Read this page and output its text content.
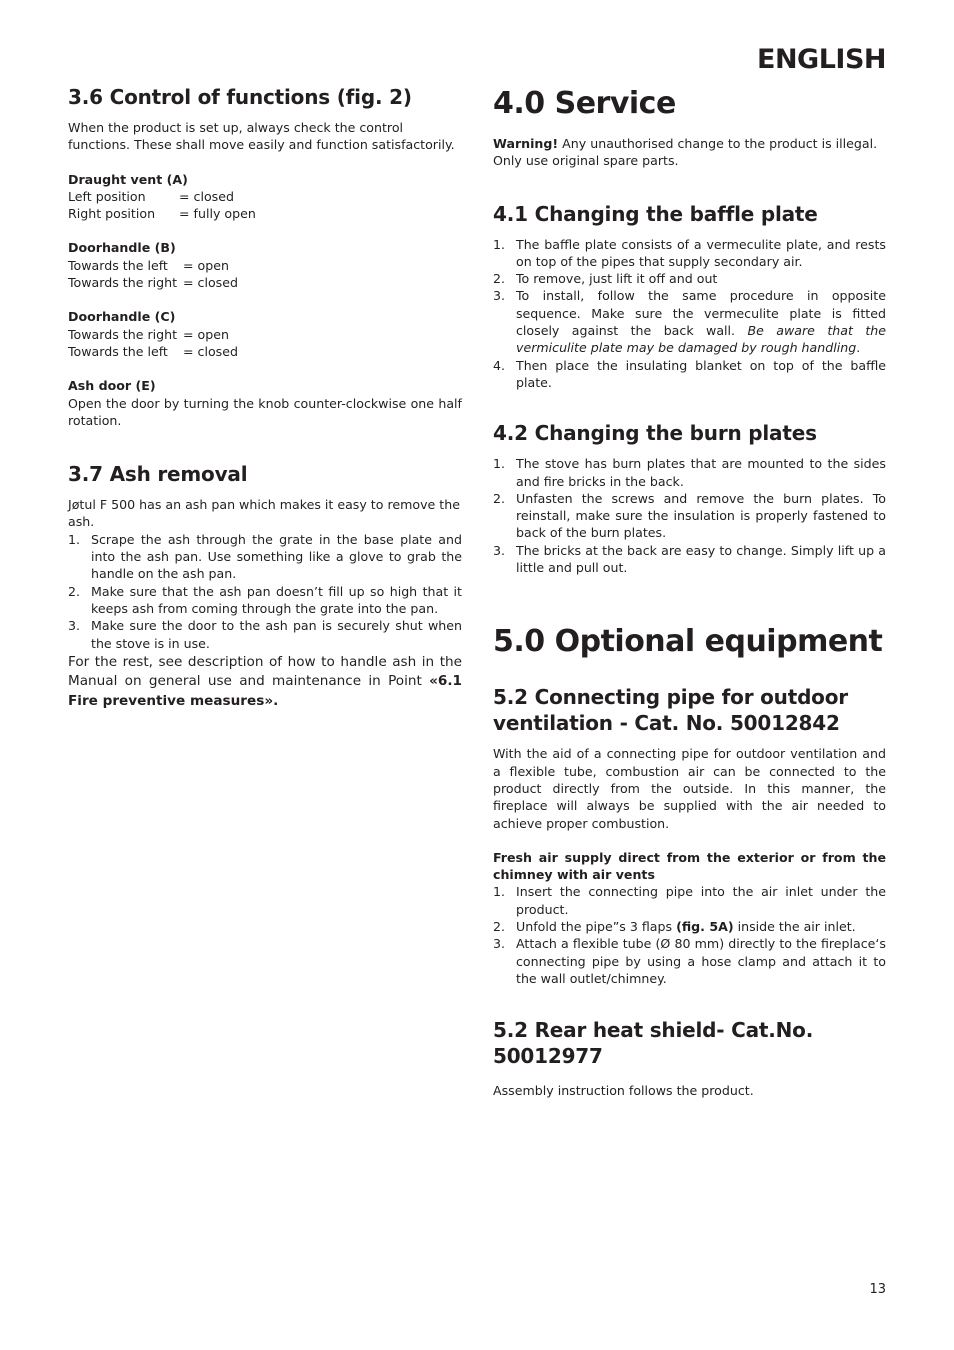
ENGLISH
3.6 Control of functions (fig. 2)

When the product is set up, always check the control functions. These shall move easily and function satisfactorily.

Draught vent (A)
Left position	= closed
Right position	= fully open
Doorhandle (B)
Towards the left	= open
Towards the right = closed
Doorhandle (C)
Towards the right = open
Towards the left	= closed
Ash door (E)
Open the door by turning the knob counter-clockwise one half rotation.
3.7 Ash removal

Jøtul F 500 has an ash pan which makes it easy to remove the ash.

1. Scrape the ash through the grate in the base plate and into the ash pan. Use something like a glove to grab the handle on the ash pan.
2. Make sure that the ash pan doesn’t fill up so high that it keeps ash from coming through the grate into the pan.
3. Make sure the door to the ash pan is securely shut when the stove is in use.

For the rest, see description of how to handle ash in the Manual on general use and maintenance in Point «6.1 Fire preventive measures».

4.0 Service

Warning! Any unauthorised change to the product is illegal. Only use original spare parts.

4.1 Changing the baffle plate
1. The baffle plate consists of a vermeculite plate, and rests on top of the pipes that supply secondary air.
2. To remove, just lift it off and out
3. To install, follow the same procedure in opposite sequence. Make sure the vermeculite plate is fitted closely against the back wall. Be aware that the vermiculite plate may be damaged by rough handling.
4. Then place the insulating blanket on top of the baffle plate.
4.2 Changing the burn plates
1. The stove has burn plates that are mounted to the sides and fire bricks in the back.
2. Unfasten the screws and remove the burn plates. To reinstall, make sure the insulation is properly fastened to back of the burn plates.
3. The bricks at the back are easy to change. Simply lift up a little and pull out.
5.0 Optional equipment
5.2 Connecting pipe for outdoor ventilation - Cat. No. 50012842

With the aid of a connecting pipe for outdoor ventilation and a flexible tube, combustion air can be connected to the product directly from the outside. In this manner, the fireplace will always be supplied with the air needed to achieve proper combustion.

Fresh air supply direct from the exterior or from the chimney with air vents

1. Insert the connecting pipe into the air inlet under the product.
2. Unfold the pipe”s 3 flaps (fig. 5A) inside the air inlet.
3. Attach a flexible tube (Ø 80 mm) directly to the fireplace‘s connecting pipe by using a hose clamp and attach it to the wall outlet/chimney.
5.2 Rear heat shield- Cat.No. 50012977

Assembly instruction follows the product.

13
